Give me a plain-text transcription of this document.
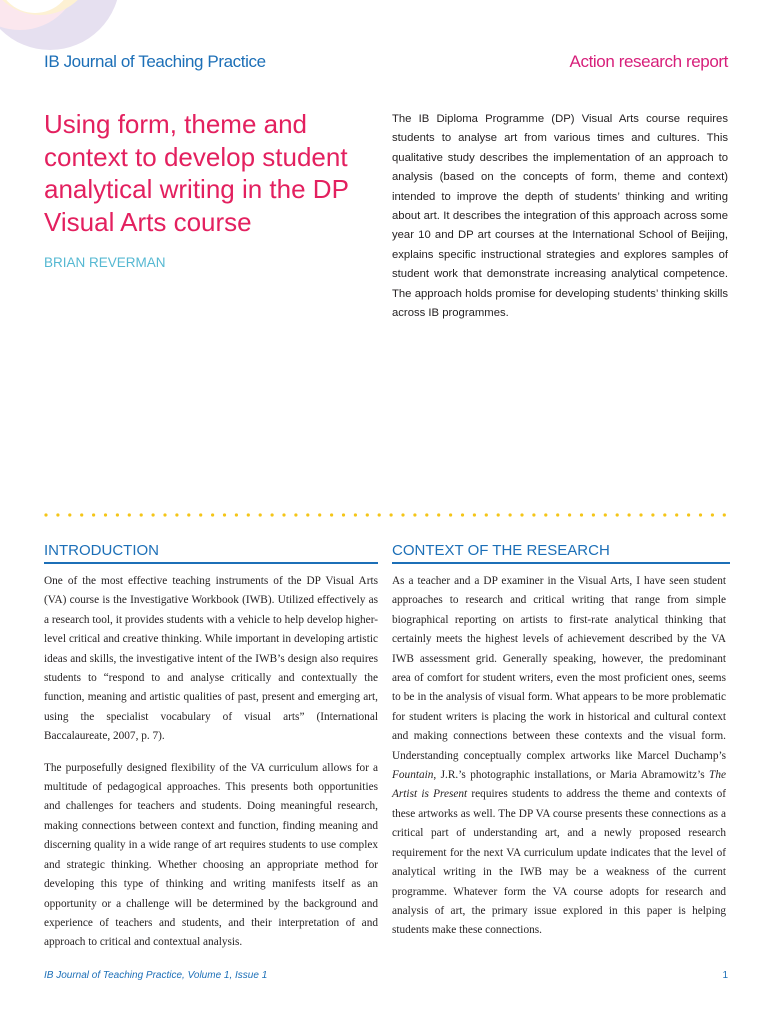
IB Journal of Teaching Practice	Action research report
Using form, theme and context to develop student analytical writing in the DP Visual Arts course
BRIAN REVERMAN

The IB Diploma Programme (DP) Visual Arts course requires students to analyse art from various times and cultures. This qualitative study describes the implementation of an approach to analysis (based on the concepts of form, theme and context) intended to improve the depth of students’ thinking and writing about art. It describes the integration of this approach across some year 10 and DP art courses at the International School of Beijing, explains specific instructional strategies and explores samples of student work that demonstrate increasing analytical competence. The approach holds promise for developing students’ thinking skills across IB programmes.

INTRODUCTION	CONTEXT OF THE RESEARCH

One of the most effective teaching instruments of the DP Visual Arts (VA) course is the Investigative Workbook (IWB). Utilized effectively as a research tool, it provides students with a vehicle to help develop higher-level critical and creative thinking. While important in developing artistic ideas and skills, the investigative intent of the IWB’s design also requires students to “respond to and analyse critically and contextually the function, meaning and artistic qualities of past, present and emerging art, using the specialist vocabulary of visual arts” (International Baccalaureate, 2007, p. 7).

The purposefully designed flexibility of the VA curriculum allows for a multitude of pedagogical approaches. This presents both opportunities and challenges for teachers and students. Doing meaningful research, making connections between context and function, finding meaning and discerning quality in a wide range of art requires students to use complex and strategic thinking. Whether choosing an appropriate method for developing this type of thinking and writing manifests itself as an opportunity or a challenge will be determined by the background and experience of teachers and students, and their interpretation of and approach to critical and contextual analysis.

As a teacher and a DP examiner in the Visual Arts, I have seen student approaches to research and critical writing that range from simple biographical reporting on artists to first-rate analytical thinking that certainly meets the highest levels of achievement described by the VA IWB assessment grid. Generally speaking, however, the predominant area of comfort for student writers, even the most proficient ones, seems to be in the analysis of visual form. What appears to be more problematic for student writers is placing the work in historical and cultural context and making connections between these contexts and the visual form. Understanding conceptually complex artworks like Marcel Duchamp’s Fountain, J.R.’s photographic installations, or Maria Abramowitz’s The Artist is Present requires students to address the theme and contexts of these artworks as well. The DP VA course presents these connections as a critical part of understanding art, and a newly proposed research requirement for the next VA curriculum update indicates that the level of analytical writing in the IWB may be a weakness of the current programme. Whatever form the VA course adopts for research and analysis of art, the primary issue explored in this paper is helping students make these connections.

IB Journal of Teaching Practice, Volume 1, Issue 1	1
